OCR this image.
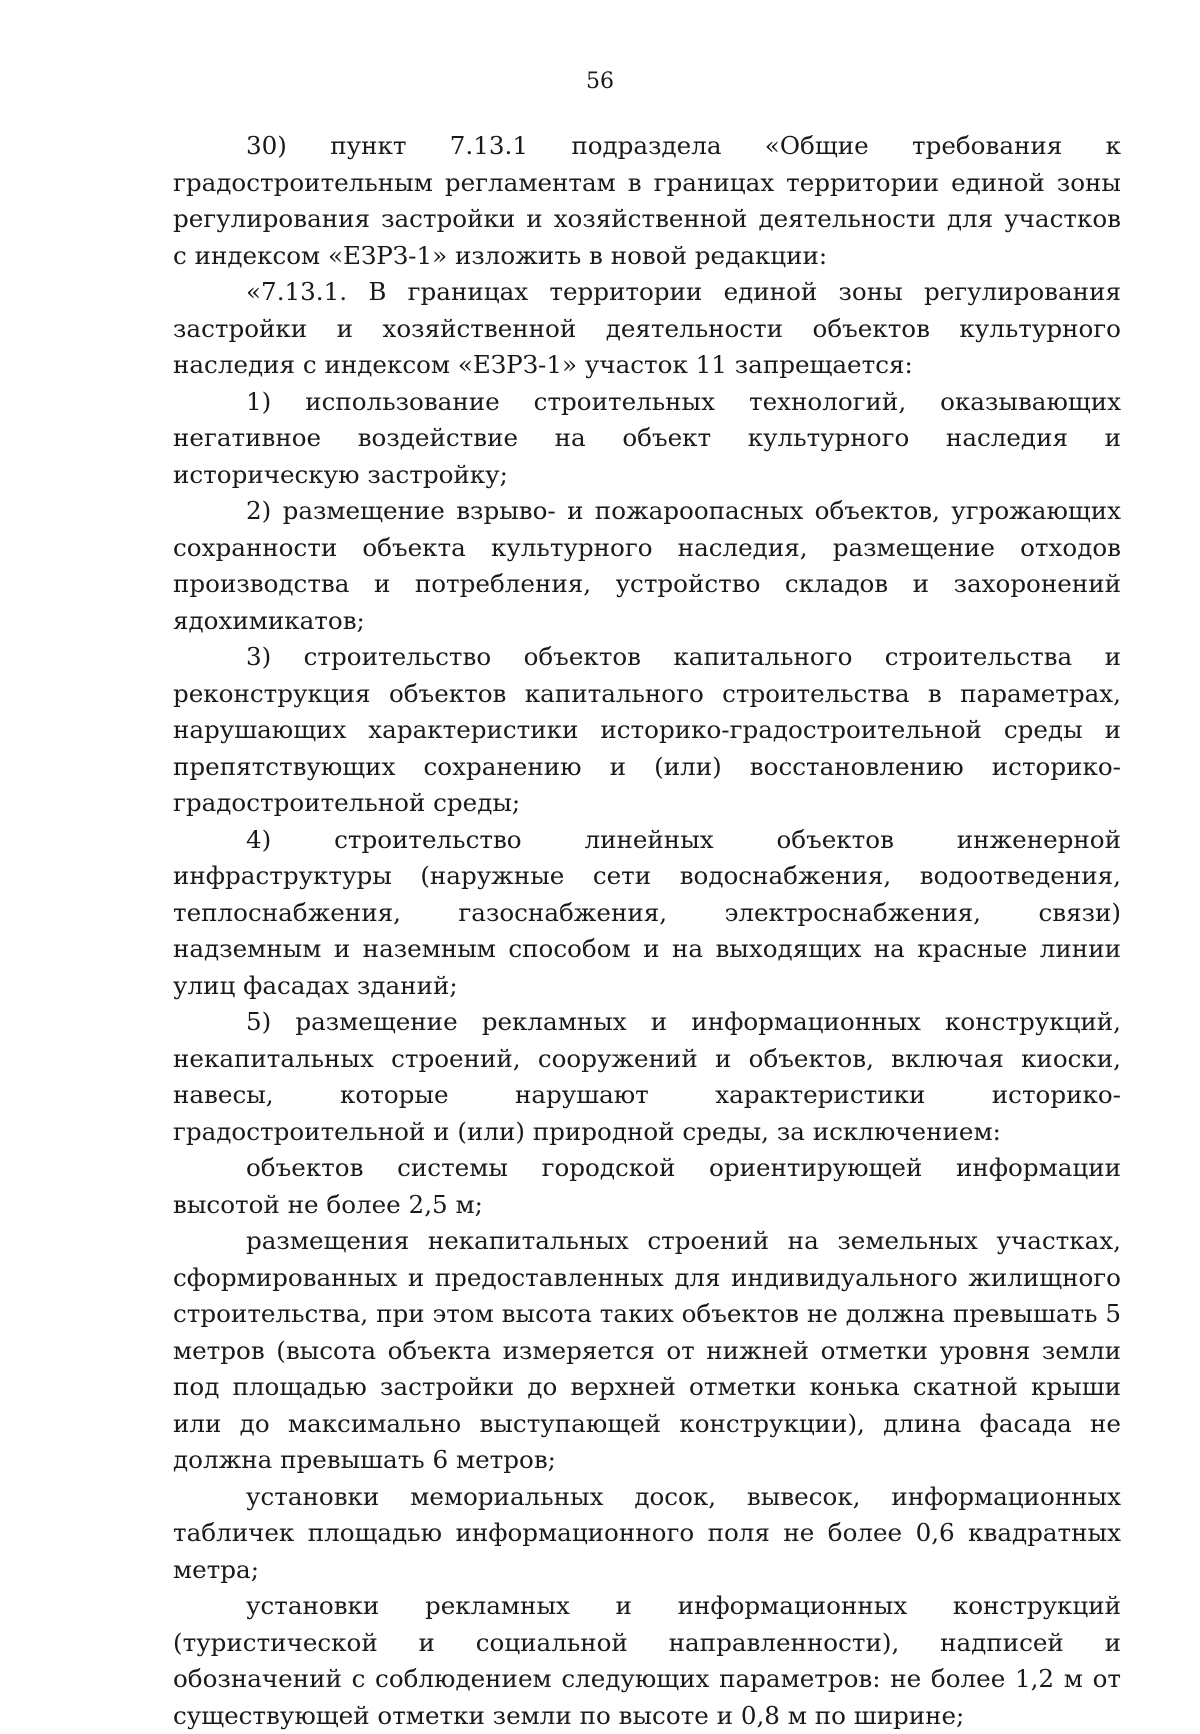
56

30) пункт 7.13.1 подраздела «Общие требования к градостроительным регламентам в границах территории единой зоны регулирования застройки и хозяйственной деятельности для участков с индексом «ЕЗРЗ-1» изложить в новой редакции:

«7.13.1. В границах территории единой зоны регулирования застройки и хозяйственной деятельности объектов культурного наследия с индексом «ЕЗРЗ-1» участок 11 запрещается:

1) использование строительных технологий, оказывающих негативное воздействие на объект культурного наследия и историческую застройку;

2) размещение взрыво- и пожароопасных объектов, угрожающих сохранности объекта культурного наследия, размещение отходов производства и потребления, устройство складов и захоронений ядохимикатов;

3) строительство объектов капитального строительства и реконструкция объектов капитального строительства в параметрах, нарушающих характеристики историко-градостроительной среды и препятствующих сохранению и (или) восстановлению историко-градостроительной среды;

4) строительство линейных объектов инженерной инфраструктуры (наружные сети водоснабжения, водоотведения, теплоснабжения, газоснабжения, электроснабжения, связи) надземным и наземным способом и на выходящих на красные линии улиц фасадах зданий;

5) размещение рекламных и информационных конструкций, некапитальных строений, сооружений и объектов, включая киоски, навесы, которые нарушают характеристики историко-градостроительной и (или) природной среды, за исключением:

объектов системы городской ориентирующей информации высотой не более 2,5 м;

размещения некапитальных строений на земельных участках, сформированных и предоставленных для индивидуального жилищного строительства, при этом высота таких объектов не должна превышать 5 метров (высота объекта измеряется от нижней отметки уровня земли под площадью застройки до верхней отметки конька скатной крыши или до максимально выступающей конструкции), длина фасада не должна превышать 6 метров;

установки мемориальных досок, вывесок, информационных табличек площадью информационного поля не более 0,6 квадратных метра;

установки рекламных и информационных конструкций (туристической и социальной направленности), надписей и обозначений с соблюдением следующих параметров: не более 1,2 м от существующей отметки земли по высоте и 0,8 м по ширине;
